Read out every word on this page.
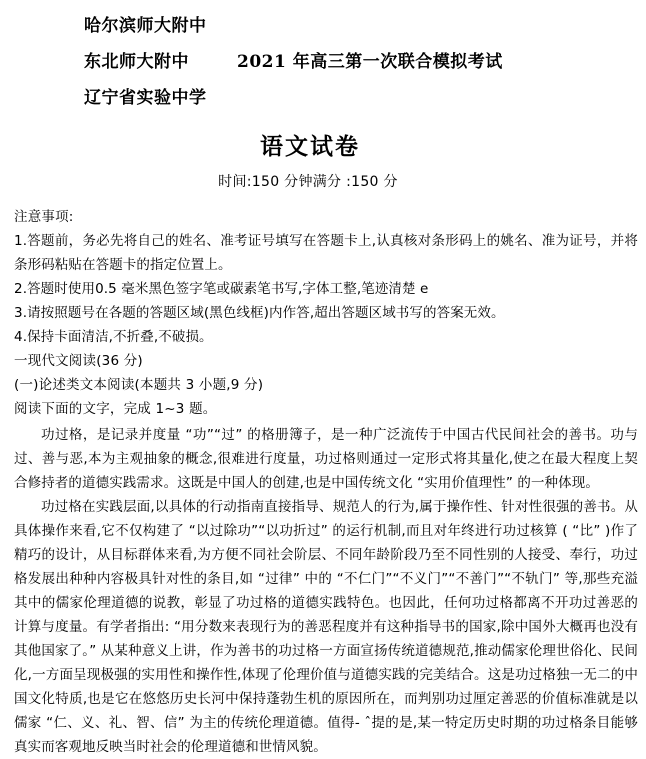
哈尔滨师大附中
东北师大附中	2021 年高三第一次联合模拟考试
辽宁省实验中学
语文试卷
时间:150 分钟满分 :150 分
注意事项:
1.答题前，务必先将自己的姓名、准考证号填写在答题卡上,认真核对条形码上的姚名、准为证号，并将条形码粘贴在答题卡的指定位置上。
2.答题时使用0.5 毫米黑色签字笔或碳素笔书写,字体工整,笔迹清楚 e
3.请按照题号在各题的答题区域(黑色线框)内作答,超出答题区域书写的答案无效。
4.保持卡面清洁,不折叠,不破损。
一现代文阅读(36 分)
(一)论述类文本阅读(本题共 3 小题,9 分)
阅读下面的文字，完成 1~3 题。

功过格，是记录并度量 “功”“过” 的格册簿子，是一种广泛流传于中国古代民间社会的善书。功与过、善与恶,本为主观抽象的概念,很难进行度量，功过格则通过一定形式将其量化,使之在最大程度上契合修持者的道德实践需求。这既是中国人的创建,也是中国传统文化 “实用价值理性” 的一种体现。

功过格在实践层面,以具体的行动指南直接指导、规范人的行为,属于操作性、针对性很强的善书。从具体操作来看,它不仅构建了 “以过除功”“以功折过” 的运行机制,而且对年终进行功过核算 ( “比” )作了精巧的设计，从目标群体来看,为方便不同社会阶层、不同年龄阶段乃至不同性别的人接受、奉行，功过格发展出种种内容极具针对性的条目,如 “过律” 中的 “不仁门”“不义门”“不善门”“不轨门” 等,那些充溢其中的儒家伦理道德的说教，彰显了功过格的道德实践特色。也因此，任何功过格都离不开功过善恶的计算与度量。有学者指出: “用分数来表现行为的善恶程度并有这种指导书的国家,除中国外大概再也没有其他国家了。” 从某种意义上讲，作为善书的功过格一方面宣扬传统道德规范,推动儒家伦理世俗化、民间化,一方面呈现极强的实用性和操作性,体现了伦理价值与道德实践的完美结合。这是功过格独一无二的中国文化特质,也是它在悠悠历史长河中保持蓬勃生机的原因所在，而判别功过厘定善恶的价值标准就是以儒家 “仁、义、礼、智、信” 为主的传统伦理道德。值得- ˆ提的是,某一特定历史时期的功过格条目能够真实而客观地反映当时社会的伦理道德和世情风貌。
